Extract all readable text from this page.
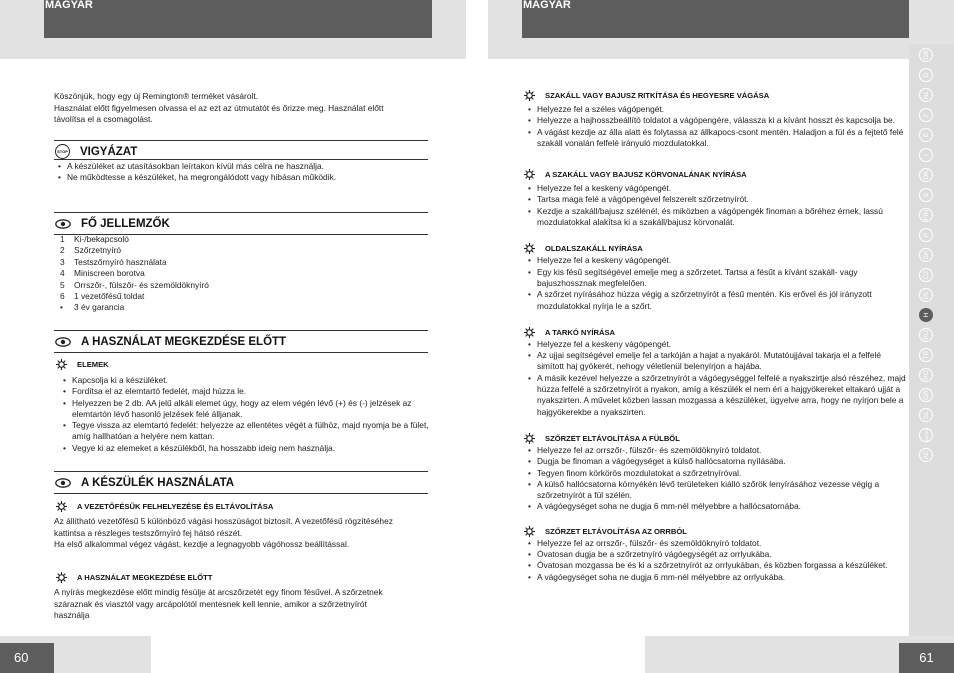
MAGYAR
60
Köszönjük, hogy egy új Remington® terméket vásárolt.
Használat előtt figyelmesen olvassa el az ezt az útmutatót és őrizze meg. Használat előtt
távolítsa el a csomagolást.
STOP VIGYÁZAT
• A készüléket az utasításokban leírtakon kívül más célra ne használja.
• Ne működtesse a készüléket, ha megrongálódott vagy hibásan működik.
FŐ JELLEMZŐK
1	Ki-/bekapcsoló
2	Szőrzetnyíró
3	Testszőrnyíró használata
4	Miniscreen borotva
5	Orrszőr-, fülszőr- és szemöldöknyíró
6	1 vezetőfésű toldat
•	3 év garancia
A HASZNÁLAT MEGKEZDÉSE ELŐTT
ELEMEK
• Kapcsolja ki a készüléket.
• Fordítsa el az elemtartó fedelét, majd húzza le.
• Helyezzen be 2 db. AA jelű alkáli elemet úgy, hogy az elem végén lévő (+) és (-) jelzések az elemtartón lévő hasonló jelzések felé álljanak.
• Tegye vissza az elemtartó fedelét: helyezze az ellentétes végét a fülhöz, majd nyomja be a fület, amíg hallhatóan a helyére nem kattan.
• Vegye ki az elemeket a készülékből, ha hosszabb ideig nem használja.
A KÉSZÜLÉK HASZNÁLATA
A VEZETŐFÉSŰK FELHELYEZÉSE ÉS ELTÁVOLÍTÁSA
Az állítható vezetőfésű 5 különböző vágási hosszúságot biztosít. A vezetőfésű rögzítéséhez
kattintsa a részleges testszőrnyíró fej hátsó részét.
Ha első alkalommal végez vágást, kezdje a legnagyobb vágóhossz beállítással.
A HASZNÁLAT MEGKEZDÉSE ELŐTT
A nyírás megkezdése előtt mindig fésülje át arcszőrzetét egy finom fésűvel. A szőrzetnek
száraznak és viasztól vagy arcápolótól mentesnek kell lennie, amikor a szőrzetnyírót
használja
MAGYAR
61
SZAKÁLL VAGY BAJUSZ RITKÍTÁSA ÉS HEGYESRE VÁGÁSA
• Helyezze fel a széles vágópengét.
• Helyezze a hajhosszbeállító toldatot a vágópengére, válassza ki a kívánt hosszt és kapcsolja be.
• A vágást kezdje az álla alatt és folytassa az állkapocs-csont mentén. Haladjon a fül és a fejtető felé szakáll vonalán felfelé irányuló mozdulatokkal.
A SZAKÁLL VAGY BAJUSZ KÖRVONALÁNAK NYÍRÁSA
• Helyezze fel a keskeny vágópengét.
• Tartsa maga felé a vágópengével felszerelt szőrzetnyírót.
• Kezdje a szakáll/bajusz szélénél, és miközben a vágópengék finoman a bőréhez érnek, lassú mozdulatokkal alakítsa ki a szakáll/bajusz körvonalát.
OLDALSZAKÁLL NYÍRÁSA
• Helyezze fel a keskeny vágópengét.
• Egy kis fésű segítségével emelje meg a szőrzetet. Tartsa a fésűt a kívánt szakáll- vagy bajuszhossznak megfelelően.
• A szőrzet nyírásához húzza végig a szőrzetnyírót a fésű mentén. Kis erővel és jól irányzott mozdulatokkal nyírja le a szőrt.
A TARKÓ NYÍRÁSA
• Helyezze fel a keskeny vágópengét.
• Az ujjai segítségével emelje fel a tarkóján a hajat a nyakáról. Mutatóujjával takarja el a felfelé simított haj gyökerét, nehogy véletlenül belenyírjon a hajába.
• A másik kezével helyezze a szőrzetnyírót a vágóegységgel felfelé a nyakszirtje alsó részéhez, majd húzza felfelé a szőrzetnyírót a nyakon, amíg a készülék el nem éri a hajgyökereket eltakaró ujját a nyakszirten. A művelet közben lassan mozgassa a készüléket, ügyelve arra, hogy ne nyírjon bele a hajgyökerekbe a nyakszirten.
SZŐRZET ELTÁVOLÍTÁSA A FÜLBŐL
• Helyezze fel az orrszőr-, fülszőr- és szemöldöknyíró toldatot.
• Dugja be finoman a vágóegységet a külső hallócsatorna nyílásába.
• Tegyen finom körkörös mozdulatokat a szőrzetnyíróval.
• A külső hallócsatorna környékén lévő területeken kiálló szőrök lenyírásához vezesse végig a szőrzetnyírót a fül szélén.
• A vágóegységet soha ne dugja 6 mm-nél mélyebbre a hallócsatornába.
SZŐRZET ELTÁVOLÍTÁSA AZ ORRBÓL
• Helyezze fel az orrszőr-, fülszőr- és szemöldöknyíró toldatot.
• Óvatosan dugja be a szőrzetnyíró vágóegységét az orrlyukába.
• Óvatosan mozgassa be és ki a szőrzetnyírót az orrlyukában, és közben forgassa a készüléket.
• A vágóegységet soha ne dugja 6 mm-nél mélyebbre az orrlyukába.
GB
D
NL
F
E
I
DK
S
FIN
P
SK
CZ
PL
H
RU
TR
RO
GR
SL
HR/SRB
AE
